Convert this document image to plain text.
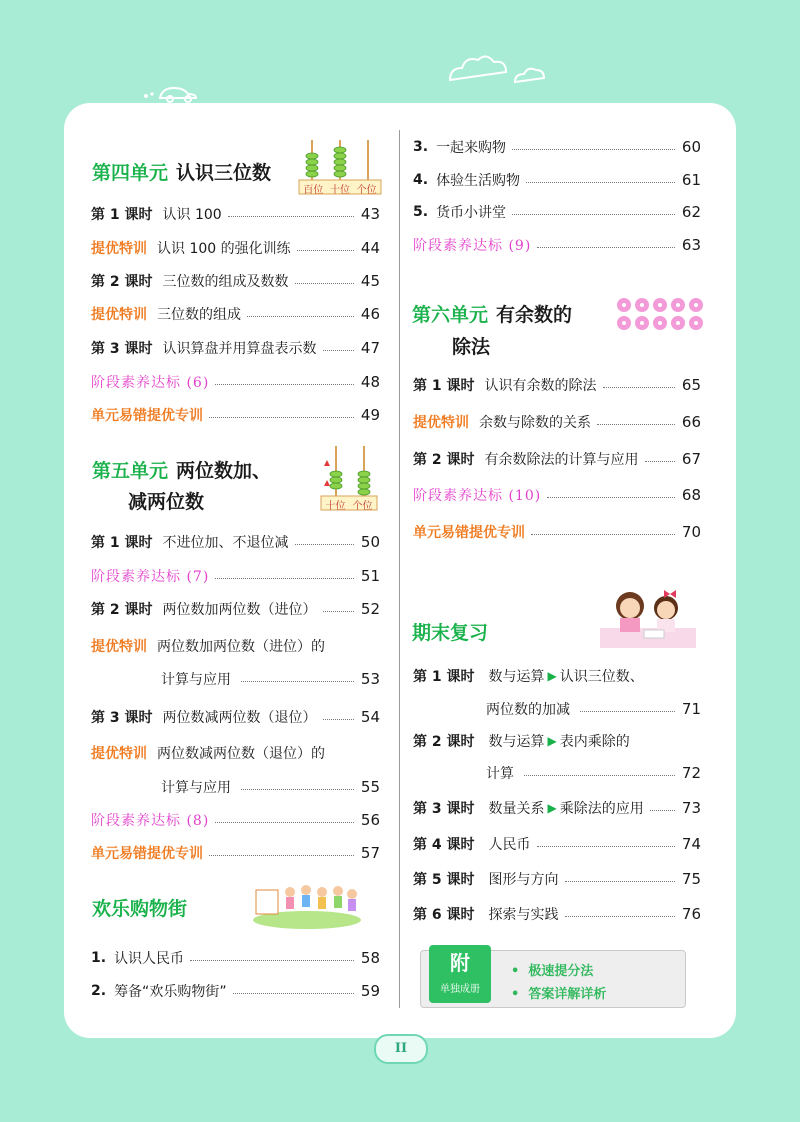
第四单元 认识三位数
百位 十位 个位
第 1 课时 认识 100	43
提优特训 认识 100 的强化训练	44
第 2 课时 三位数的组成及数数	45
提优特训 三位数的组成	46
第 3 课时 认识算盘并用算盘表示数	47
阶段素养达标 (6)	48
单元易错提优专训	49
第五单元 两位数加、
减两位数	十位 个位
第 1 课时 不进位加、不退位减	50
阶段素养达标 (7)	51
第 2 课时 两位数加两位数（进位）	52
提优特训 两位数加两位数（进位）的
计算与应用	53
第 3 课时 两位数减两位数（退位）	54
提优特训 两位数减两位数（退位）的
计算与应用	55
阶段素养达标 (8)	56
单元易错提优专训	57
欢乐购物街
1. 认识人民币	58
2. 筹备“欢乐购物街”	59
3. 一起来购物	60
4. 体验生活购物	61
5. 货币小讲堂	62
阶段素养达标 (9)	63
第六单元 有余数的
除法
第 1 课时 认识有余数的除法	65
提优特训 余数与除数的关系	66
第 2 课时 有余数除法的计算与应用	67
阶段素养达标 (10)	68
单元易错提优专训	70
期末复习
第 1 课时 数与运算 ▶ 认识三位数、
两位数的加减	71
第 2 课时 数与运算 ▶ 表内乘除的
计算	72
第 3 课时 数量关系 ▶ 乘除法的应用	73
第 4 课时 人民币	74
第 5 课时 图形与方向	75
第 6 课时 探索与实践	76
附
单独成册
•  极速提分法
•  答案详解详析
II
